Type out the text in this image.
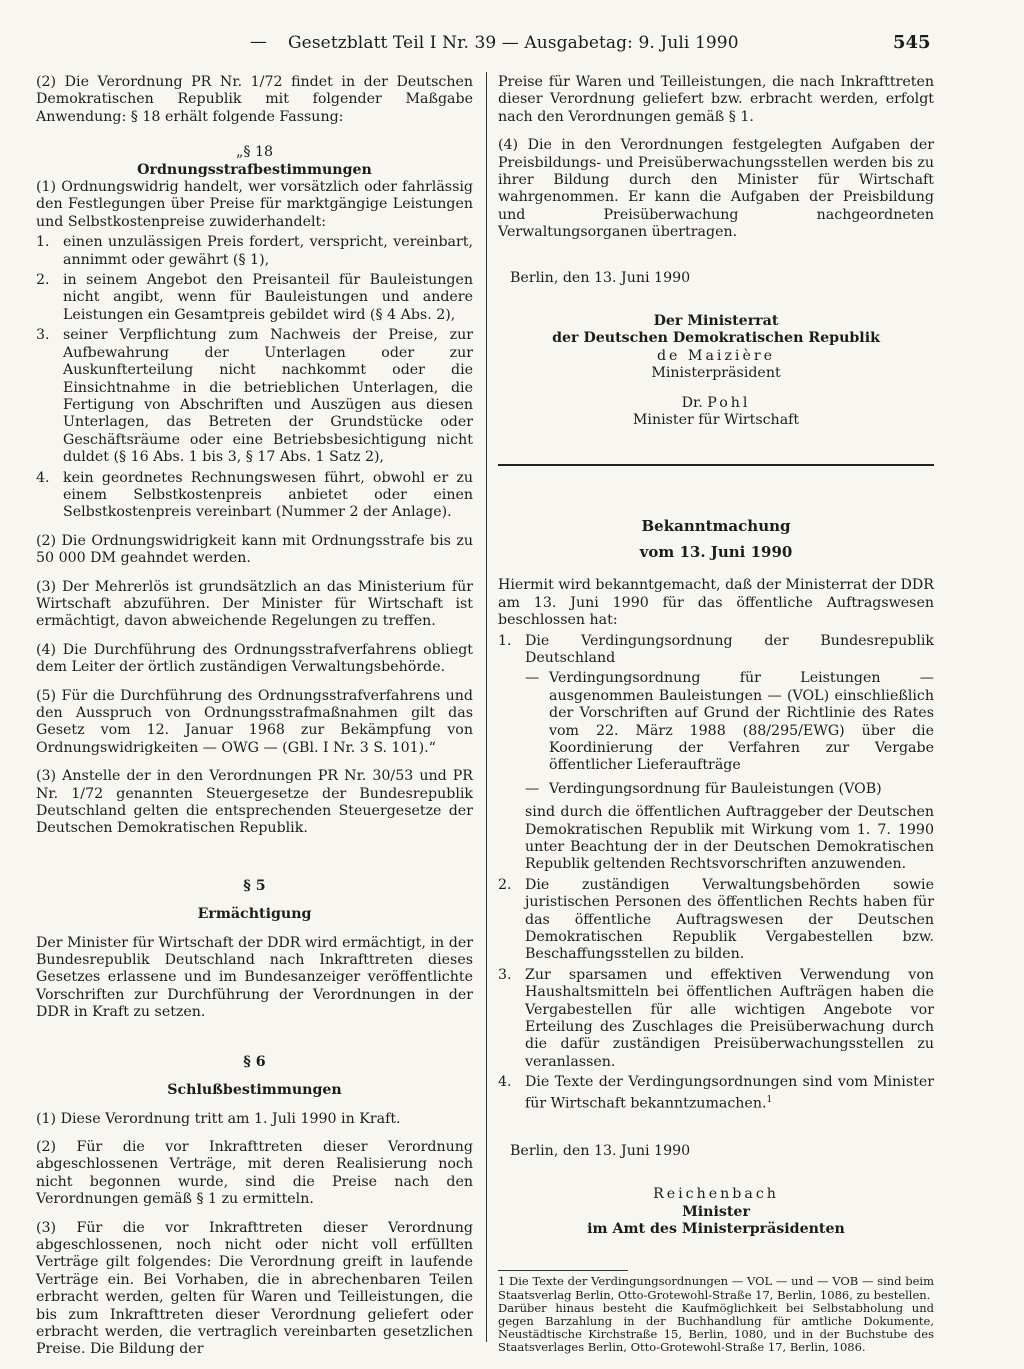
— Gesetzblatt Teil I Nr. 39 — Ausgabetag: 9. Juli 1990	545

(2) Die Verordnung PR Nr. 1/72 findet in der Deutschen Demokratischen Republik mit folgender Maßgabe Anwendung: § 18 erhält folgende Fassung:

„§ 18

Ordnungsstrafbestimmungen

(1) Ordnungswidrig handelt, wer vorsätzlich oder fahrlässig den Festlegungen über Preise für marktgängige Leistungen und Selbstkostenpreise zuwiderhandelt:

1. einen unzulässigen Preis fordert, verspricht, vereinbart, annimmt oder gewährt (§ 1),
2. in seinem Angebot den Preisanteil für Bauleistungen nicht angibt, wenn für Bauleistungen und andere Leistungen ein Gesamtpreis gebildet wird (§ 4 Abs. 2),
3. seiner Verpflichtung zum Nachweis der Preise, zur Aufbewahrung der Unterlagen oder zur Auskunfterteilung nicht nachkommt oder die Einsichtnahme in die betrieblichen Unterlagen, die Fertigung von Abschriften und Auszügen aus diesen Unterlagen, das Betreten der Grundstücke oder Geschäftsräume oder eine Betriebsbesichtigung nicht duldet (§ 16 Abs. 1 bis 3, § 17 Abs. 1 Satz 2),
4. kein geordnetes Rechnungswesen führt, obwohl er zu einem Selbstkostenpreis anbietet oder einen Selbstkostenpreis vereinbart (Nummer 2 der Anlage).

(2) Die Ordnungswidrigkeit kann mit Ordnungsstrafe bis zu 50 000 DM geahndet werden.

(3) Der Mehrerlös ist grundsätzlich an das Ministerium für Wirtschaft abzuführen. Der Minister für Wirtschaft ist ermächtigt, davon abweichende Regelungen zu treffen.

(4) Die Durchführung des Ordnungsstrafverfahrens obliegt dem Leiter der örtlich zuständigen Verwaltungsbehörde.

(5) Für die Durchführung des Ordnungsstrafverfahrens und den Ausspruch von Ordnungsstrafmaßnahmen gilt das Gesetz vom 12. Januar 1968 zur Bekämpfung von Ordnungswidrigkeiten — OWG — (GBl. I Nr. 3 S. 101).“

(3) Anstelle der in den Verordnungen PR Nr. 30/53 und PR Nr. 1/72 genannten Steuergesetze der Bundesrepublik Deutschland gelten die entsprechenden Steuergesetze der Deutschen Demokratischen Republik.

§ 5

Ermächtigung

Der Minister für Wirtschaft der DDR wird ermächtigt, in der Bundesrepublik Deutschland nach Inkrafttreten dieses Gesetzes erlassene und im Bundesanzeiger veröffentlichte Vorschriften zur Durchführung der Verordnungen in der DDR in Kraft zu setzen.

§ 6

Schlußbestimmungen

(1) Diese Verordnung tritt am 1. Juli 1990 in Kraft.

(2) Für die vor Inkrafttreten dieser Verordnung abgeschlossenen Verträge, mit deren Realisierung noch nicht begonnen wurde, sind die Preise nach den Verordnungen gemäß § 1 zu ermitteln.

(3) Für die vor Inkrafttreten dieser Verordnung abgeschlossenen, noch nicht oder nicht voll erfüllten Verträge gilt folgendes: Die Verordnung greift in laufende Verträge ein. Bei Vorhaben, die in abrechenbaren Teilen erbracht werden, gelten für Waren und Teilleistungen, die bis zum Inkrafttreten dieser Verordnung geliefert oder erbracht werden, die vertraglich vereinbarten gesetzlichen Preise. Die Bildung der

Preise für Waren und Teilleistungen, die nach Inkrafttreten dieser Verordnung geliefert bzw. erbracht werden, erfolgt nach den Verordnungen gemäß § 1.

(4) Die in den Verordnungen festgelegten Aufgaben der Preisbildungs- und Preisüberwachungsstellen werden bis zu ihrer Bildung durch den Minister für Wirtschaft wahrgenommen. Er kann die Aufgaben der Preisbildung und Preisüberwachung nachgeordneten Verwaltungsorganen übertragen.

Berlin, den 13. Juni 1990

Der Ministerrat

der Deutschen Demokratischen Republik

de Maizière

Ministerpräsident

Dr. Pohl

Minister für Wirtschaft

Bekanntmachung

vom 13. Juni 1990

Hiermit wird bekanntgemacht, daß der Ministerrat der DDR am 13. Juni 1990 für das öffentliche Auftragswesen beschlossen hat:

1. Die Verdingungsordnung der Bundesrepublik Deutschland
— Verdingungsordnung für Leistungen — ausgenommen Bauleistungen — (VOL) einschließlich der Vorschriften auf Grund der Richtlinie des Rates vom 22. März 1988 (88/295/EWG) über die Koordinierung der Verfahren zur Vergabe öffentlicher Lieferaufträge
— Verdingungsordnung für Bauleistungen (VOB)
sind durch die öffentlichen Auftraggeber der Deutschen Demokratischen Republik mit Wirkung vom 1. 7. 1990 unter Beachtung der in der Deutschen Demokratischen Republik geltenden Rechtsvorschriften anzuwenden.
2. Die zuständigen Verwaltungsbehörden sowie juristischen Personen des öffentlichen Rechts haben für das öffentliche Auftragswesen der Deutschen Demokratischen Republik Vergabestellen bzw. Beschaffungsstellen zu bilden.
3. Zur sparsamen und effektiven Verwendung von Haushaltsmitteln bei öffentlichen Aufträgen haben die Vergabestellen für alle wichtigen Angebote vor Erteilung des Zuschlages die Preisüberwachung durch die dafür zuständigen Preisüberwachungsstellen zu veranlassen.
4. Die Texte der Verdingungsordnungen sind vom Minister für Wirtschaft bekanntzumachen.$^1$

Berlin, den 13. Juni 1990

Reichenbach

Minister

im Amt des Ministerpräsidenten

1 Die Texte der Verdingungsordnungen — VOL — und — VOB — sind beim Staatsverlag Berlin, Otto-Grotewohl-Straße 17, Berlin, 1086, zu bestellen.

Darüber hinaus besteht die Kaufmöglichkeit bei Selbstabholung und gegen Barzahlung in der Buchhandlung für amtliche Dokumente, Neustädtische Kirchstraße 15, Berlin, 1080, und in der Buchstube des Staatsverlages Berlin, Otto-Grotewohl-Straße 17, Berlin, 1086.
